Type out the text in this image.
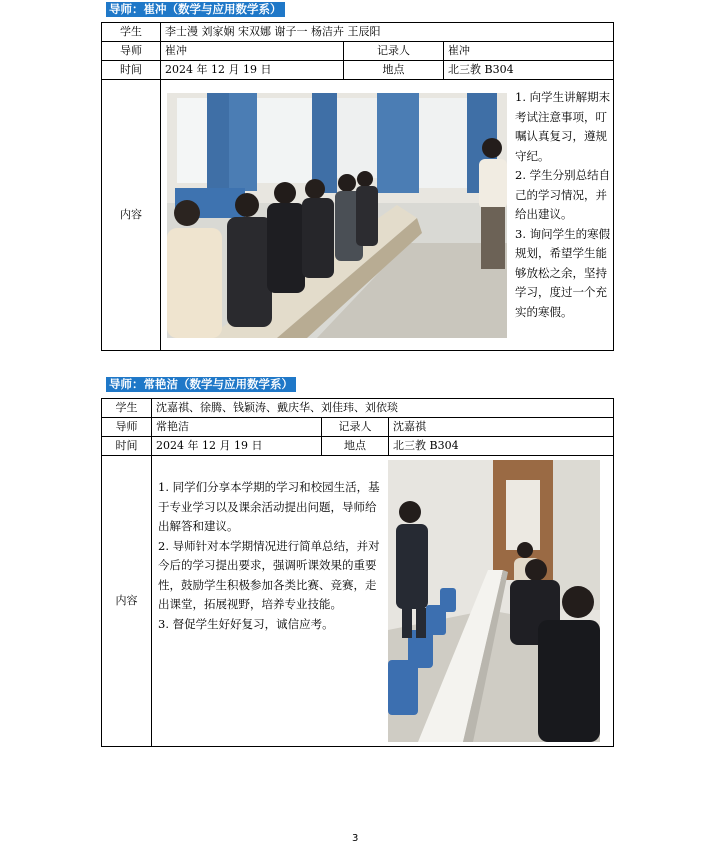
导师：崔冲（数学与应用数学系）
学生	李士漫 刘家娴 宋双娜 谢子一 杨洁卉 王辰阳		
导师	崔冲	记录人	崔冲
时间	2024 年 12 月 19 日	地点	北三教 B304
内容	1. 向学生讲解期末考试注意事项，叮嘱认真复习，遵规守纪。

2. 学生分别总结自己的学习情况，并给出建议。

3. 询问学生的寒假规划，希望学生能够放松之余，坚持学习，度过一个充实的寒假。		

导师：常艳洁（数学与应用数学系）
学生	沈嘉祺、徐腾、钱颖涛、戴庆华、刘佳玮、刘依琰		
导师	常艳洁	记录人	沈嘉祺
时间	2024 年 12 月 19 日	地点	北三教 B304
内容	1. 同学们分享本学期的学习和校园生活，基于专业学习以及课余活动提出问题，导师给出解答和建议。

2. 导师针对本学期情况进行简单总结，并对今后的学习提出要求，强调听课效果的重要性，鼓励学生积极参加各类比赛、竞赛，走出课堂，拓展视野，培养专业技能。

3. 督促学生好好复习，诚信应考。		

3
